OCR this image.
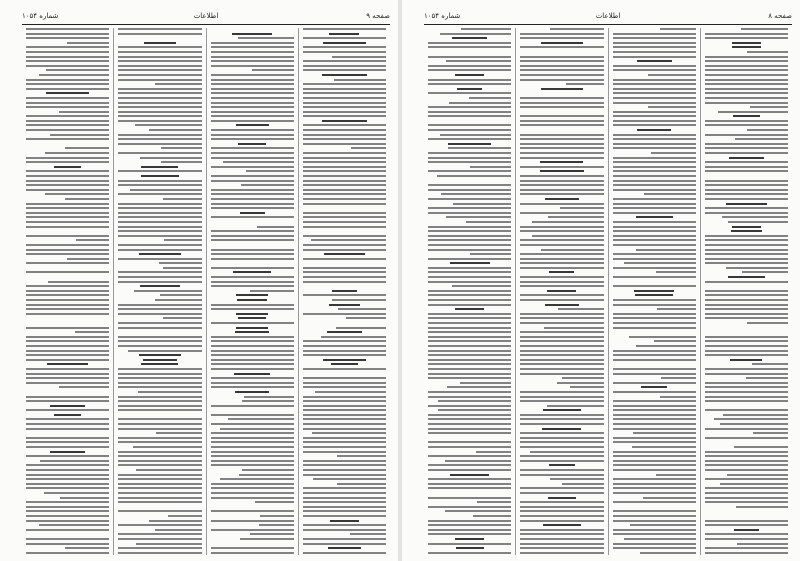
صفحه ۹
اطلاعات
شماره ۱۰۵۴	صفحه ۸
اطلاعات
شماره ۱۰۵۴
